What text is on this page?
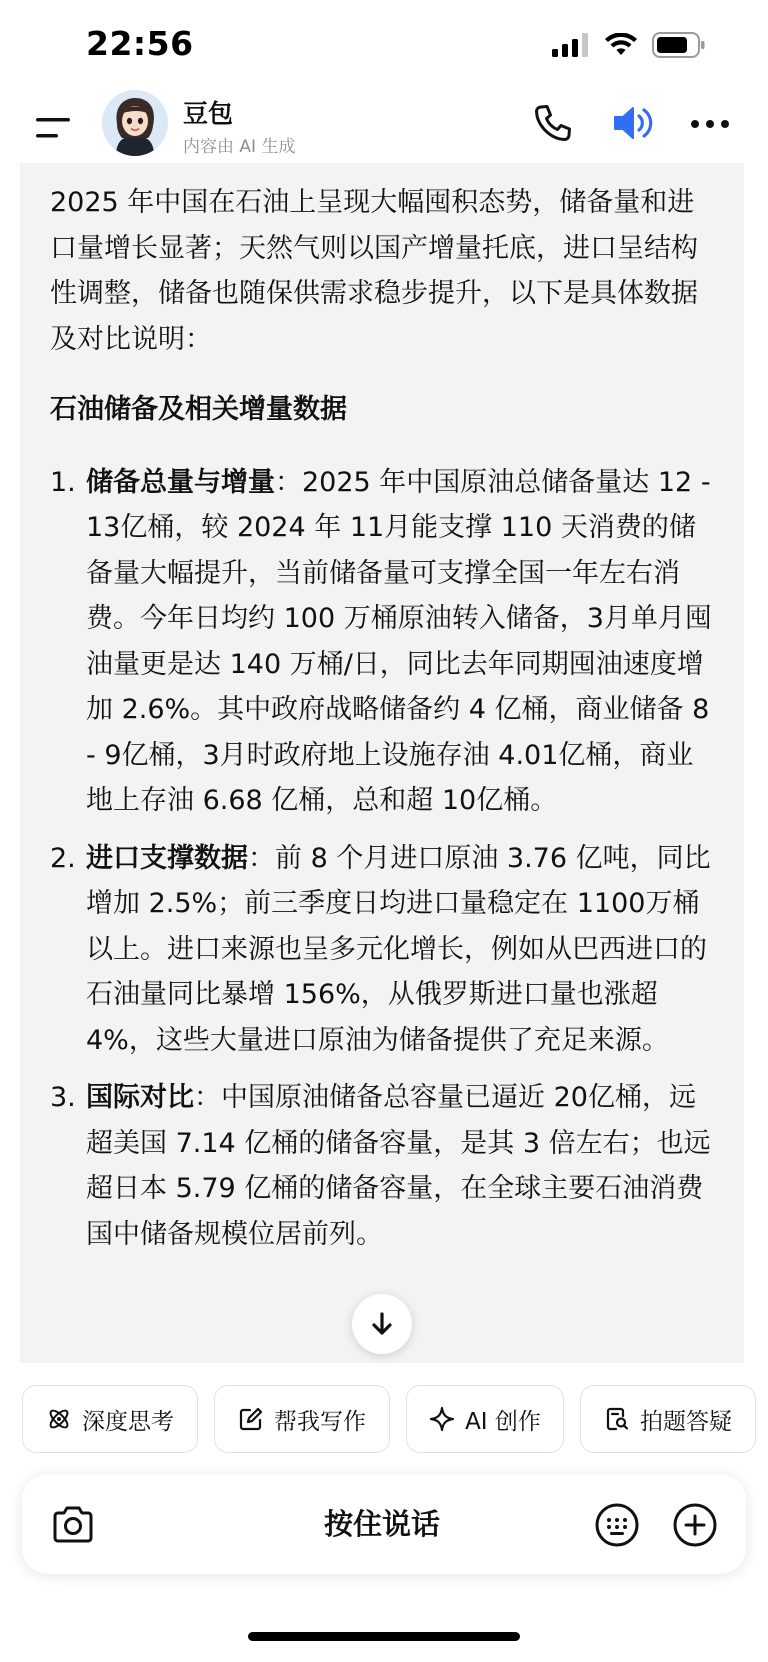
22:56
豆包
内容由 AI 生成

2025 年中国在石油上呈现大幅囤积态势，储备量和进口量增长显著；天然气则以国产增量托底，进口呈结构性调整，储备也随保供需求稳步提升，以下是具体数据及对比说明：

石油储备及相关增量数据
1. 储备总量与增量：2025 年中国原油总储备量达 12 - 13亿桶，较 2024 年 11月能支撑 110 天消费的储备量大幅提升，当前储备量可支撑全国一年左右消费。今年日均约 100 万桶原油转入储备，3月单月囤油量更是达 140 万桶/日，同比去年同期囤油速度增加 2.6%。其中政府战略储备约 4 亿桶，商业储备 8 - 9亿桶，3月时政府地上设施存油 4.01亿桶，商业地上存油 6.68 亿桶，总和超 10亿桶。
2. 进口支撑数据：前 8 个月进口原油 3.76 亿吨，同比增加 2.5%；前三季度日均进口量稳定在 1100万桶以上。进口来源也呈多元化增长，例如从巴西进口的石油量同比暴增 156%，从俄罗斯进口量也涨超 4%，这些大量进口原油为储备提供了充足来源。
3. 国际对比：中国原油储备总容量已逼近 20亿桶，远超美国 7.14 亿桶的储备容量，是其 3 倍左右；也远超日本 5.79 亿桶的储备容量，在全球主要石油消费国中储备规模位居前列。
深度思考	帮我写作	AI 创作	拍题答疑
按住说话
